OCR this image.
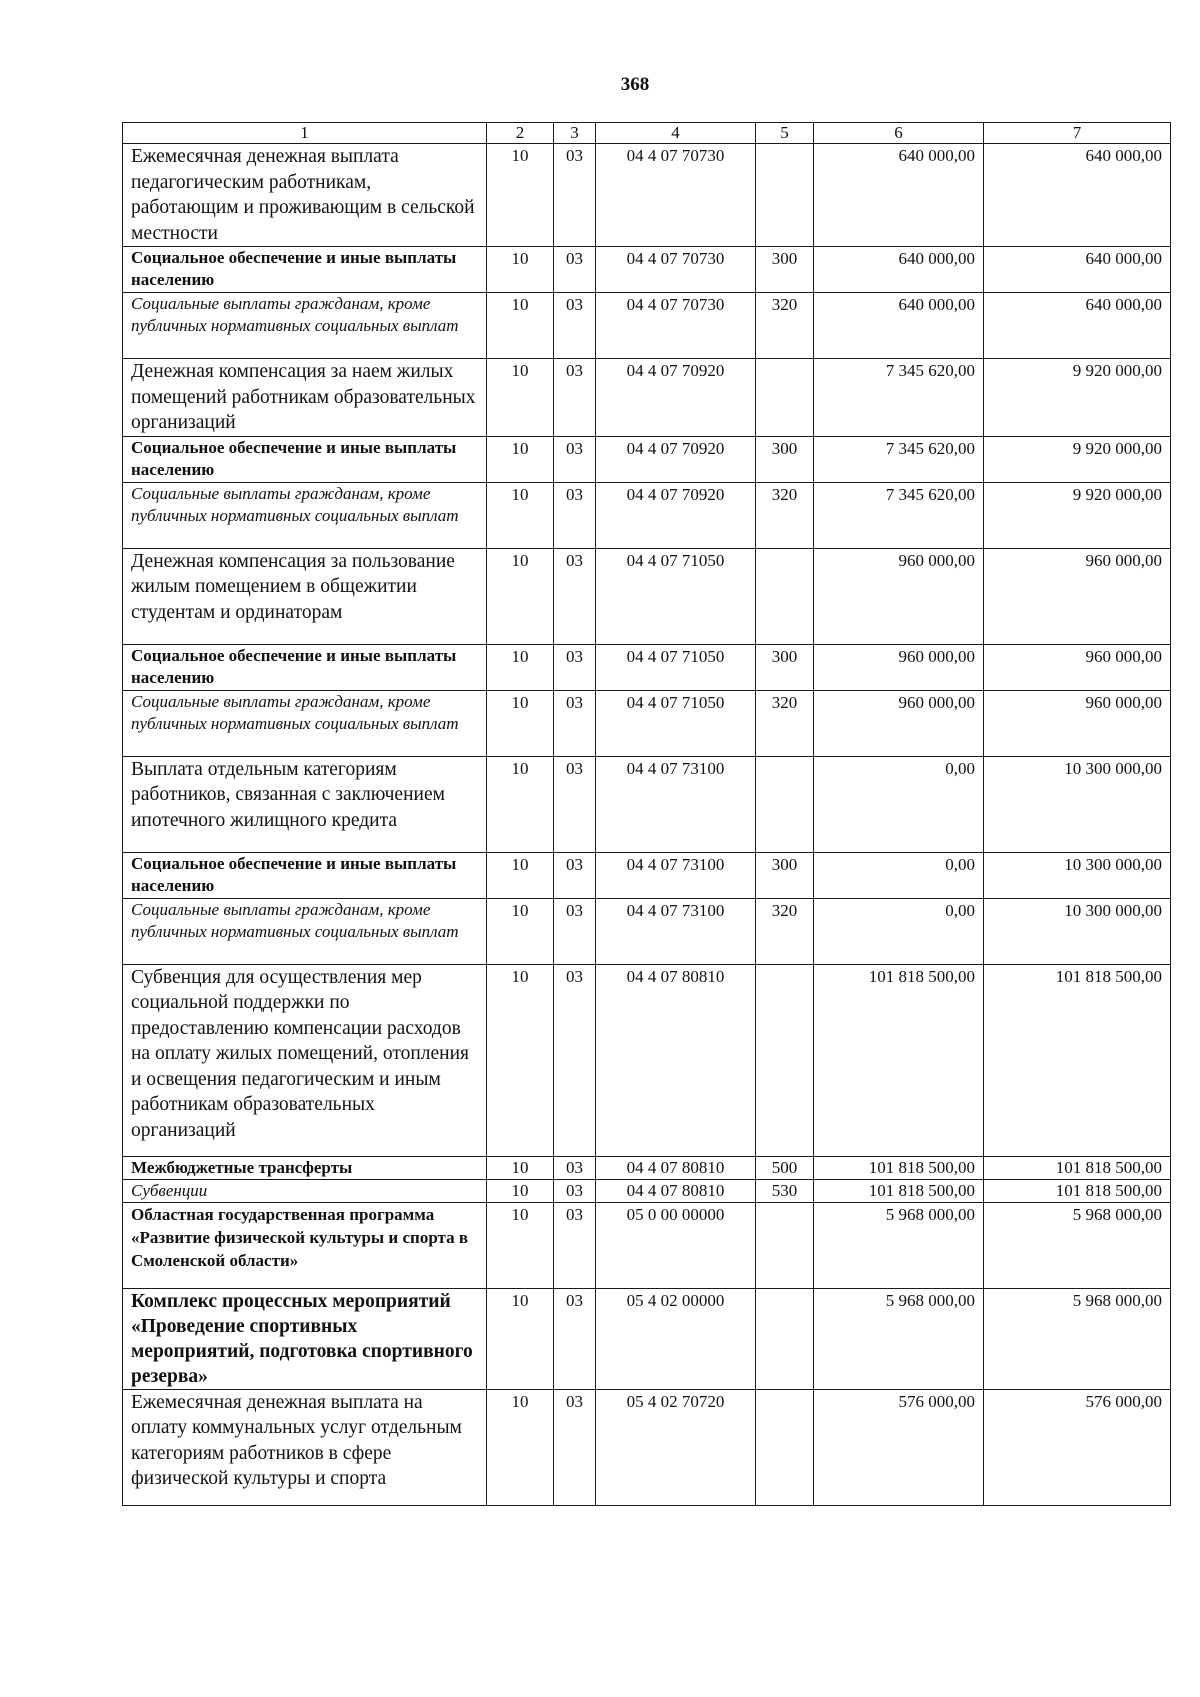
368
1	2	3	4	5	6	7
Ежемесячная денежная выплата педагогическим работникам, работающим и проживающим в сельской местности	10	03	04 4 07 70730		640 000,00	640 000,00
Социальное обеспечение и иные выплаты населению	10	03	04 4 07 70730	300	640 000,00	640 000,00
Социальные выплаты гражданам, кроме публичных нормативных социальных выплат	10	03	04 4 07 70730	320	640 000,00	640 000,00
Денежная компенсация за наем жилых помещений работникам образовательных организаций	10	03	04 4 07 70920		7 345 620,00	9 920 000,00
Социальное обеспечение и иные выплаты населению	10	03	04 4 07 70920	300	7 345 620,00	9 920 000,00
Социальные выплаты гражданам, кроме публичных нормативных социальных выплат	10	03	04 4 07 70920	320	7 345 620,00	9 920 000,00
Денежная компенсация за пользование жилым помещением в общежитии студентам и ординаторам	10	03	04 4 07 71050		960 000,00	960 000,00
Социальное обеспечение и иные выплаты населению	10	03	04 4 07 71050	300	960 000,00	960 000,00
Социальные выплаты гражданам, кроме публичных нормативных социальных выплат	10	03	04 4 07 71050	320	960 000,00	960 000,00
Выплата отдельным категориям работников, связанная с заключением ипотечного жилищного кредита	10	03	04 4 07 73100		0,00	10 300 000,00
Социальное обеспечение и иные выплаты населению	10	03	04 4 07 73100	300	0,00	10 300 000,00
Социальные выплаты гражданам, кроме публичных нормативных социальных выплат	10	03	04 4 07 73100	320	0,00	10 300 000,00
Субвенция для осуществления мер социальной поддержки по предоставлению компенсации расходов на оплату жилых помещений, отопления и освещения педагогическим и иным работникам образовательных организаций	10	03	04 4 07 80810		101 818 500,00	101 818 500,00
Межбюджетные трансферты	10	03	04 4 07 80810	500	101 818 500,00	101 818 500,00
Субвенции	10	03	04 4 07 80810	530	101 818 500,00	101 818 500,00
Областная государственная программа «Развитие физической культуры и спорта в Смоленской области»	10	03	05 0 00 00000		5 968 000,00	5 968 000,00
Комплекс процессных мероприятий «Проведение спортивных мероприятий, подготовка спортивного резерва»	10	03	05 4 02 00000		5 968 000,00	5 968 000,00
Ежемесячная денежная выплата на оплату коммунальных услуг отдельным категориям работников в сфере физической культуры и спорта	10	03	05 4 02 70720		576 000,00	576 000,00
